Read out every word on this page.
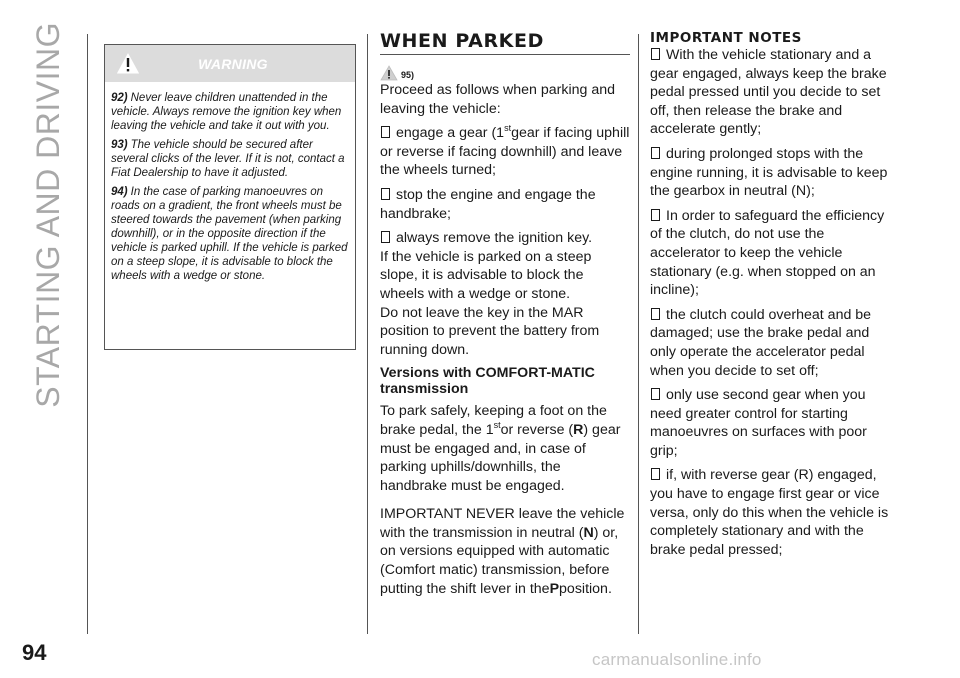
STARTING AND DRIVING
94
WARNING
92) Never leave children unattended in the vehicle. Always remove the ignition key when leaving the vehicle and take it out with you.
93) The vehicle should be secured after several clicks of the lever. If it is not, contact a Fiat Dealership to have it adjusted.
94) In the case of parking manoeuvres on roads on a gradient, the front wheels must be steered towards the pavement (when parking downhill), or in the opposite direction if the vehicle is parked uphill. If the vehicle is parked on a steep slope, it is advisable to block the wheels with a wedge or stone.
WHEN PARKED
95)
Proceed as follows when parking and leaving the vehicle:
engage a gear (1stgear if facing uphill or reverse if facing downhill) and leave the wheels turned;
stop the engine and engage the handbrake;
always remove the ignition key.
If the vehicle is parked on a steep slope, it is advisable to block the wheels with a wedge or stone.
Do not leave the key in the MAR position to prevent the battery from running down.
Versions with COMFORT-MATIC transmission
To park safely, keeping a foot on the brake pedal, the 1stor reverse (R) gear must be engaged and, in case of parking uphills/downhills, the handbrake must be engaged.
IMPORTANT NEVER leave the vehicle with the transmission in neutral (N) or, on versions equipped with automatic (Comfort matic) transmission, before putting the shift lever in thePposition.
IMPORTANT NOTES
With the vehicle stationary and a gear engaged, always keep the brake pedal pressed until you decide to set off, then release the brake and accelerate gently;
during prolonged stops with the engine running, it is advisable to keep the gearbox in neutral (N);
In order to safeguard the efficiency of the clutch, do not use the accelerator to keep the vehicle stationary (e.g. when stopped on an incline);
the clutch could overheat and be damaged; use the brake pedal and only operate the accelerator pedal when you decide to set off;
only use second gear when you need greater control for starting manoeuvres on surfaces with poor grip;
if, with reverse gear (R) engaged, you have to engage first gear or vice versa, only do this when the vehicle is completely stationary and with the brake pedal pressed;
carmanualsonline.info
